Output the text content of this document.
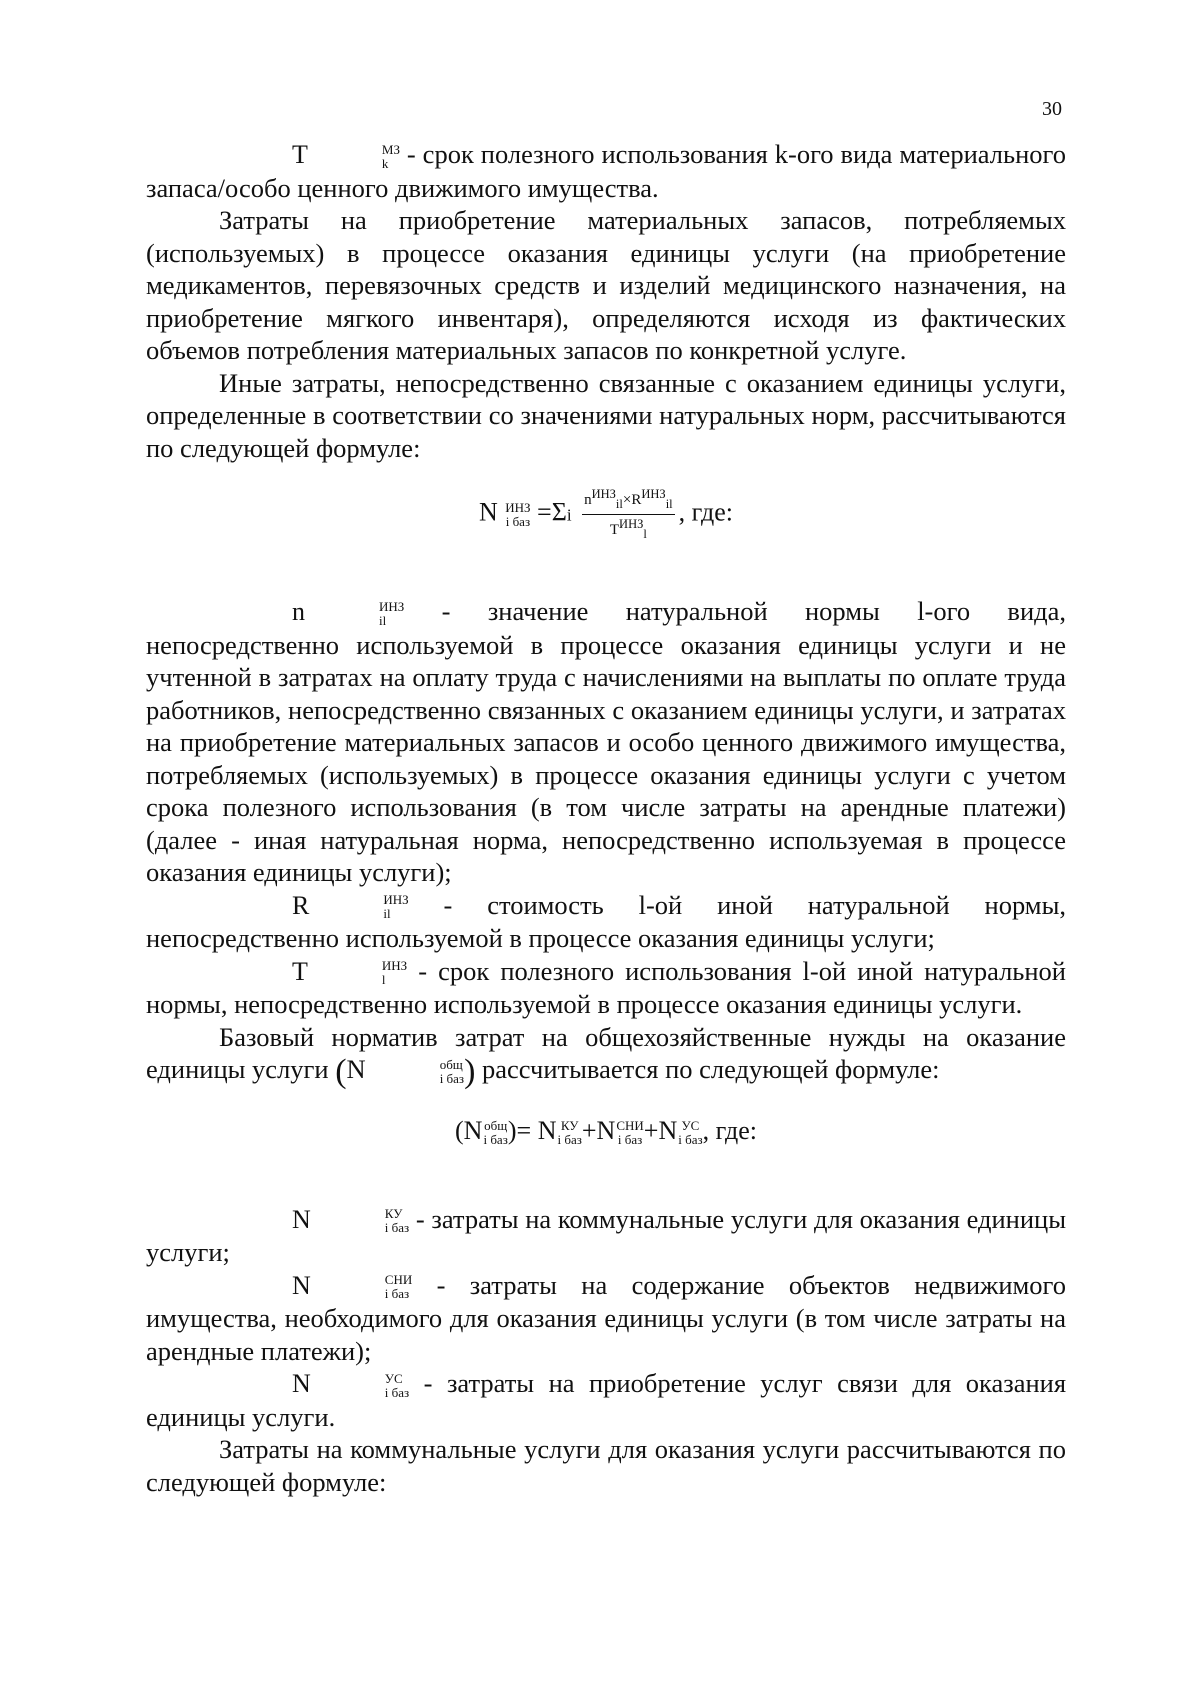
30

T	МЗ
k - срок полезного использования k-ого вида материального запаса/особо ценного движимого имущества.

Затраты на приобретение материальных запасов, потребляемых (используемых) в процессе оказания единицы услуги (на приобретение медикаментов, перевязочных средств и изделий медицинского назначения, на приобретение мягкого инвентаря), определяются исходя из фактических объемов потребления материальных запасов по конкретной услуге.

Иные затраты, непосредственно связанные с оказанием единицы услуги, определенные в соответствии со значениями натуральных норм, рассчитываются по следующей формуле:

N ИНЗ
i баз $=\Sigma i \frac{n^{ИНЗ}_{il}\times R^{ИНЗ}_{il}}{T^{ИНЗ}_l}$ , где:

n	ИНЗ
il	- значение натуральной нормы l-ого вида, непосредственно используемой в процессе оказания единицы услуги и не учтенной в затратах на оплату труда с начислениями на выплаты по оплате труда работников, непосредственно связанных с оказанием единицы услуги, и затратах на приобретение материальных запасов и особо ценного движимого имущества, потребляемых (используемых) в процессе оказания единицы услуги с учетом срока полезного использования (в том числе затраты на арендные платежи) (далее - иная натуральная норма, непосредственно используемая в процессе оказания единицы услуги);

R	ИНЗ
il	- стоимость l-ой иной натуральной нормы, непосредственно используемой в процессе оказания единицы услуги;

T	ИНЗ
l	- срок полезного использования l-ой иной натуральной нормы, непосредственно используемой в процессе оказания единицы услуги.

Базовый норматив затрат на общехозяйственные нужды на оказание единицы услуги (N	общ
i баз ) рассчитывается по следующей формуле:

(N общ
i баз )= N КУ
i баз +N СНИ
i баз +N УС
i баз , где:

N	КУ
i баз - затраты на коммунальные услуги для оказания единицы услуги;

N	СНИ
i баз - затраты на содержание объектов недвижимого имущества, необходимого для оказания единицы услуги (в том числе затраты на арендные платежи);

N	УС
i баз - затраты на приобретение услуг связи для оказания единицы услуги.

Затраты на коммунальные услуги для оказания услуги рассчитываются по следующей формуле:
